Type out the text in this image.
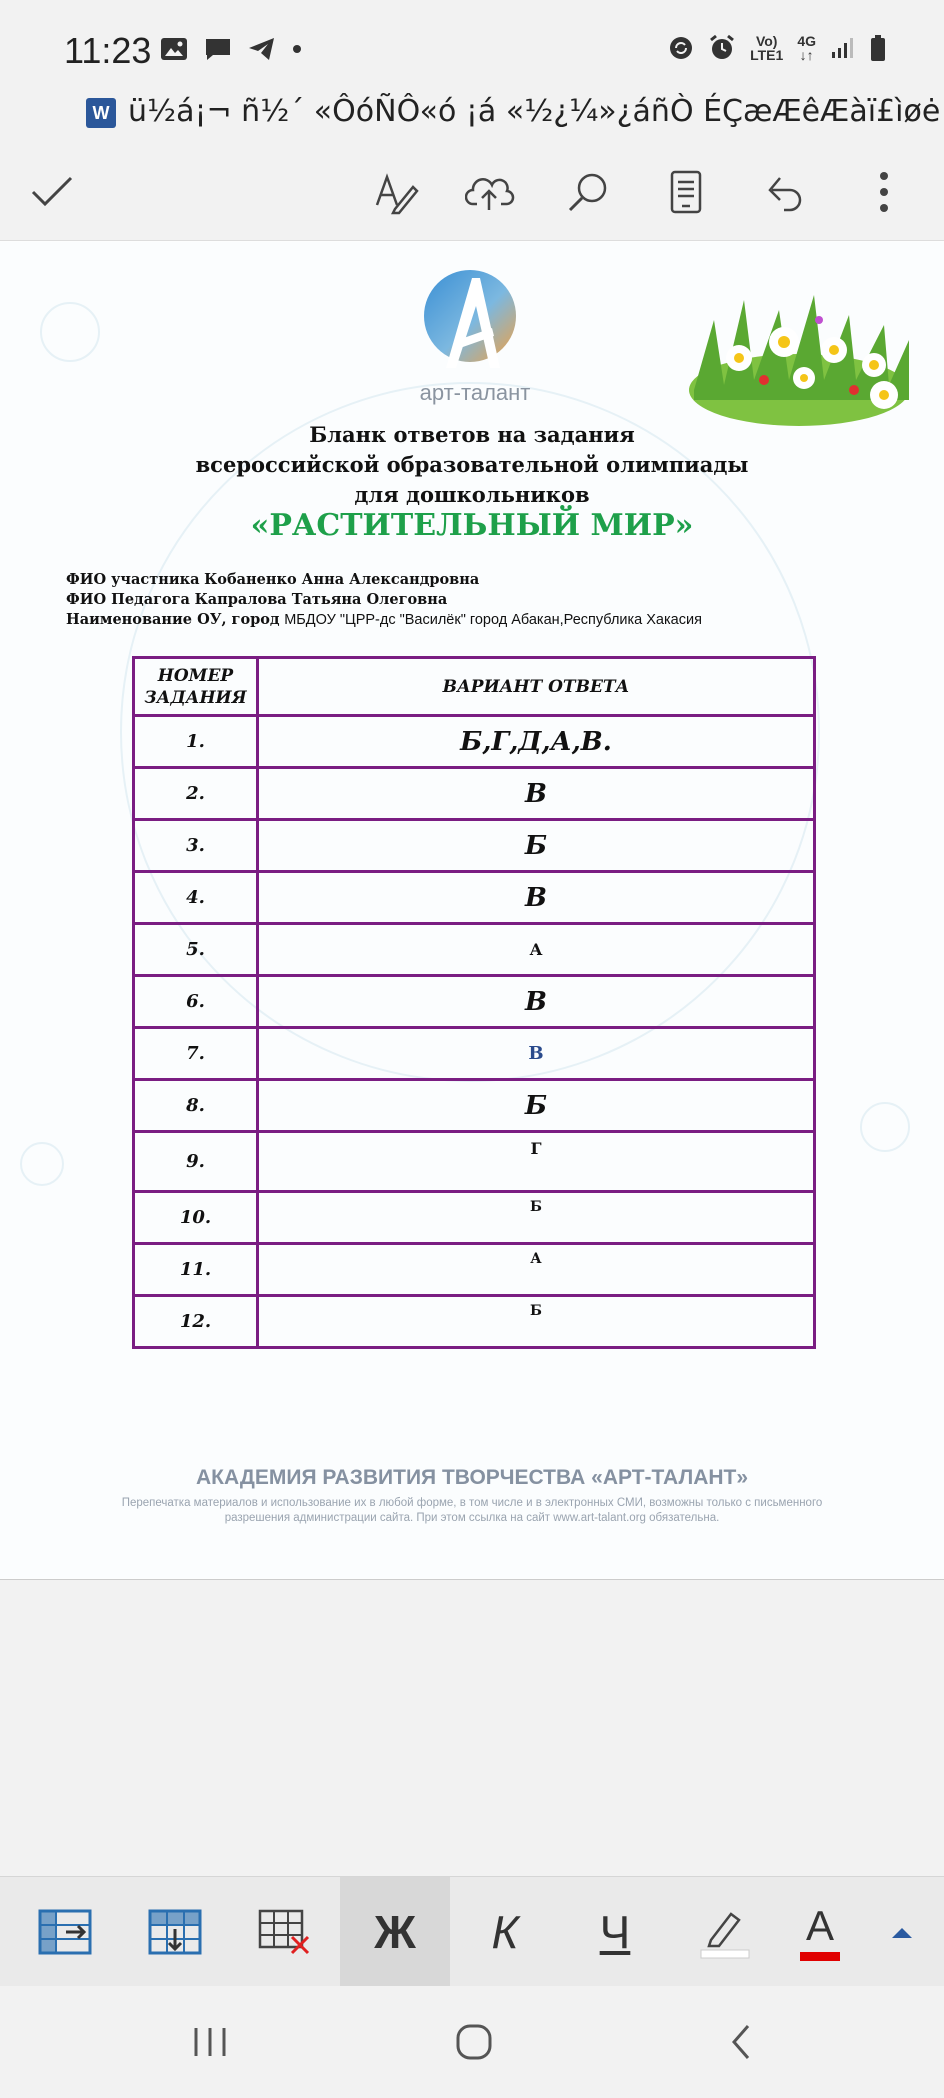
11:23	Vo)
LTE1
4G
↓↑
W ü½á¡¬ ñ½´ «ÔóÑÔ«ó ¡á «½¿¼»¿áñÒ ÉÇæÆêÆàï£ìøė
арт-талант
Бланк ответов на задания
всероссийской образовательной олимпиады
для дошкольников
«РАСТИТЕЛЬНЫЙ МИР»
ФИО участника Кобаненко Анна Александровна
ФИО Педагога Капралова Татьяна Олеговна
Наименование ОУ, город МБДОУ "ЦРР-дс "Василёк" город Абакан,Республика Хакасия
НОМЕР ЗАДАНИЯ	ВАРИАНТ ОТВЕТА
1.	Б,Г,Д,А,В.
2.	В
3.	Б
4.	В
5.	А
6.	В
7.	В
8.	Б
9.	Г
10.	Б
11.	А
12.	Б
АКАДЕМИЯ РАЗВИТИЯ ТВОРЧЕСТВА «АРТ-ТАЛАНТ»
Перепечатка материалов и использование их в любой форме, в том числе и в электронных СМИ, возможны только с письменного разрешения администрации сайта. При этом ссылка на сайт www.art-talant.org обязательна.
Ж К Ч	A
